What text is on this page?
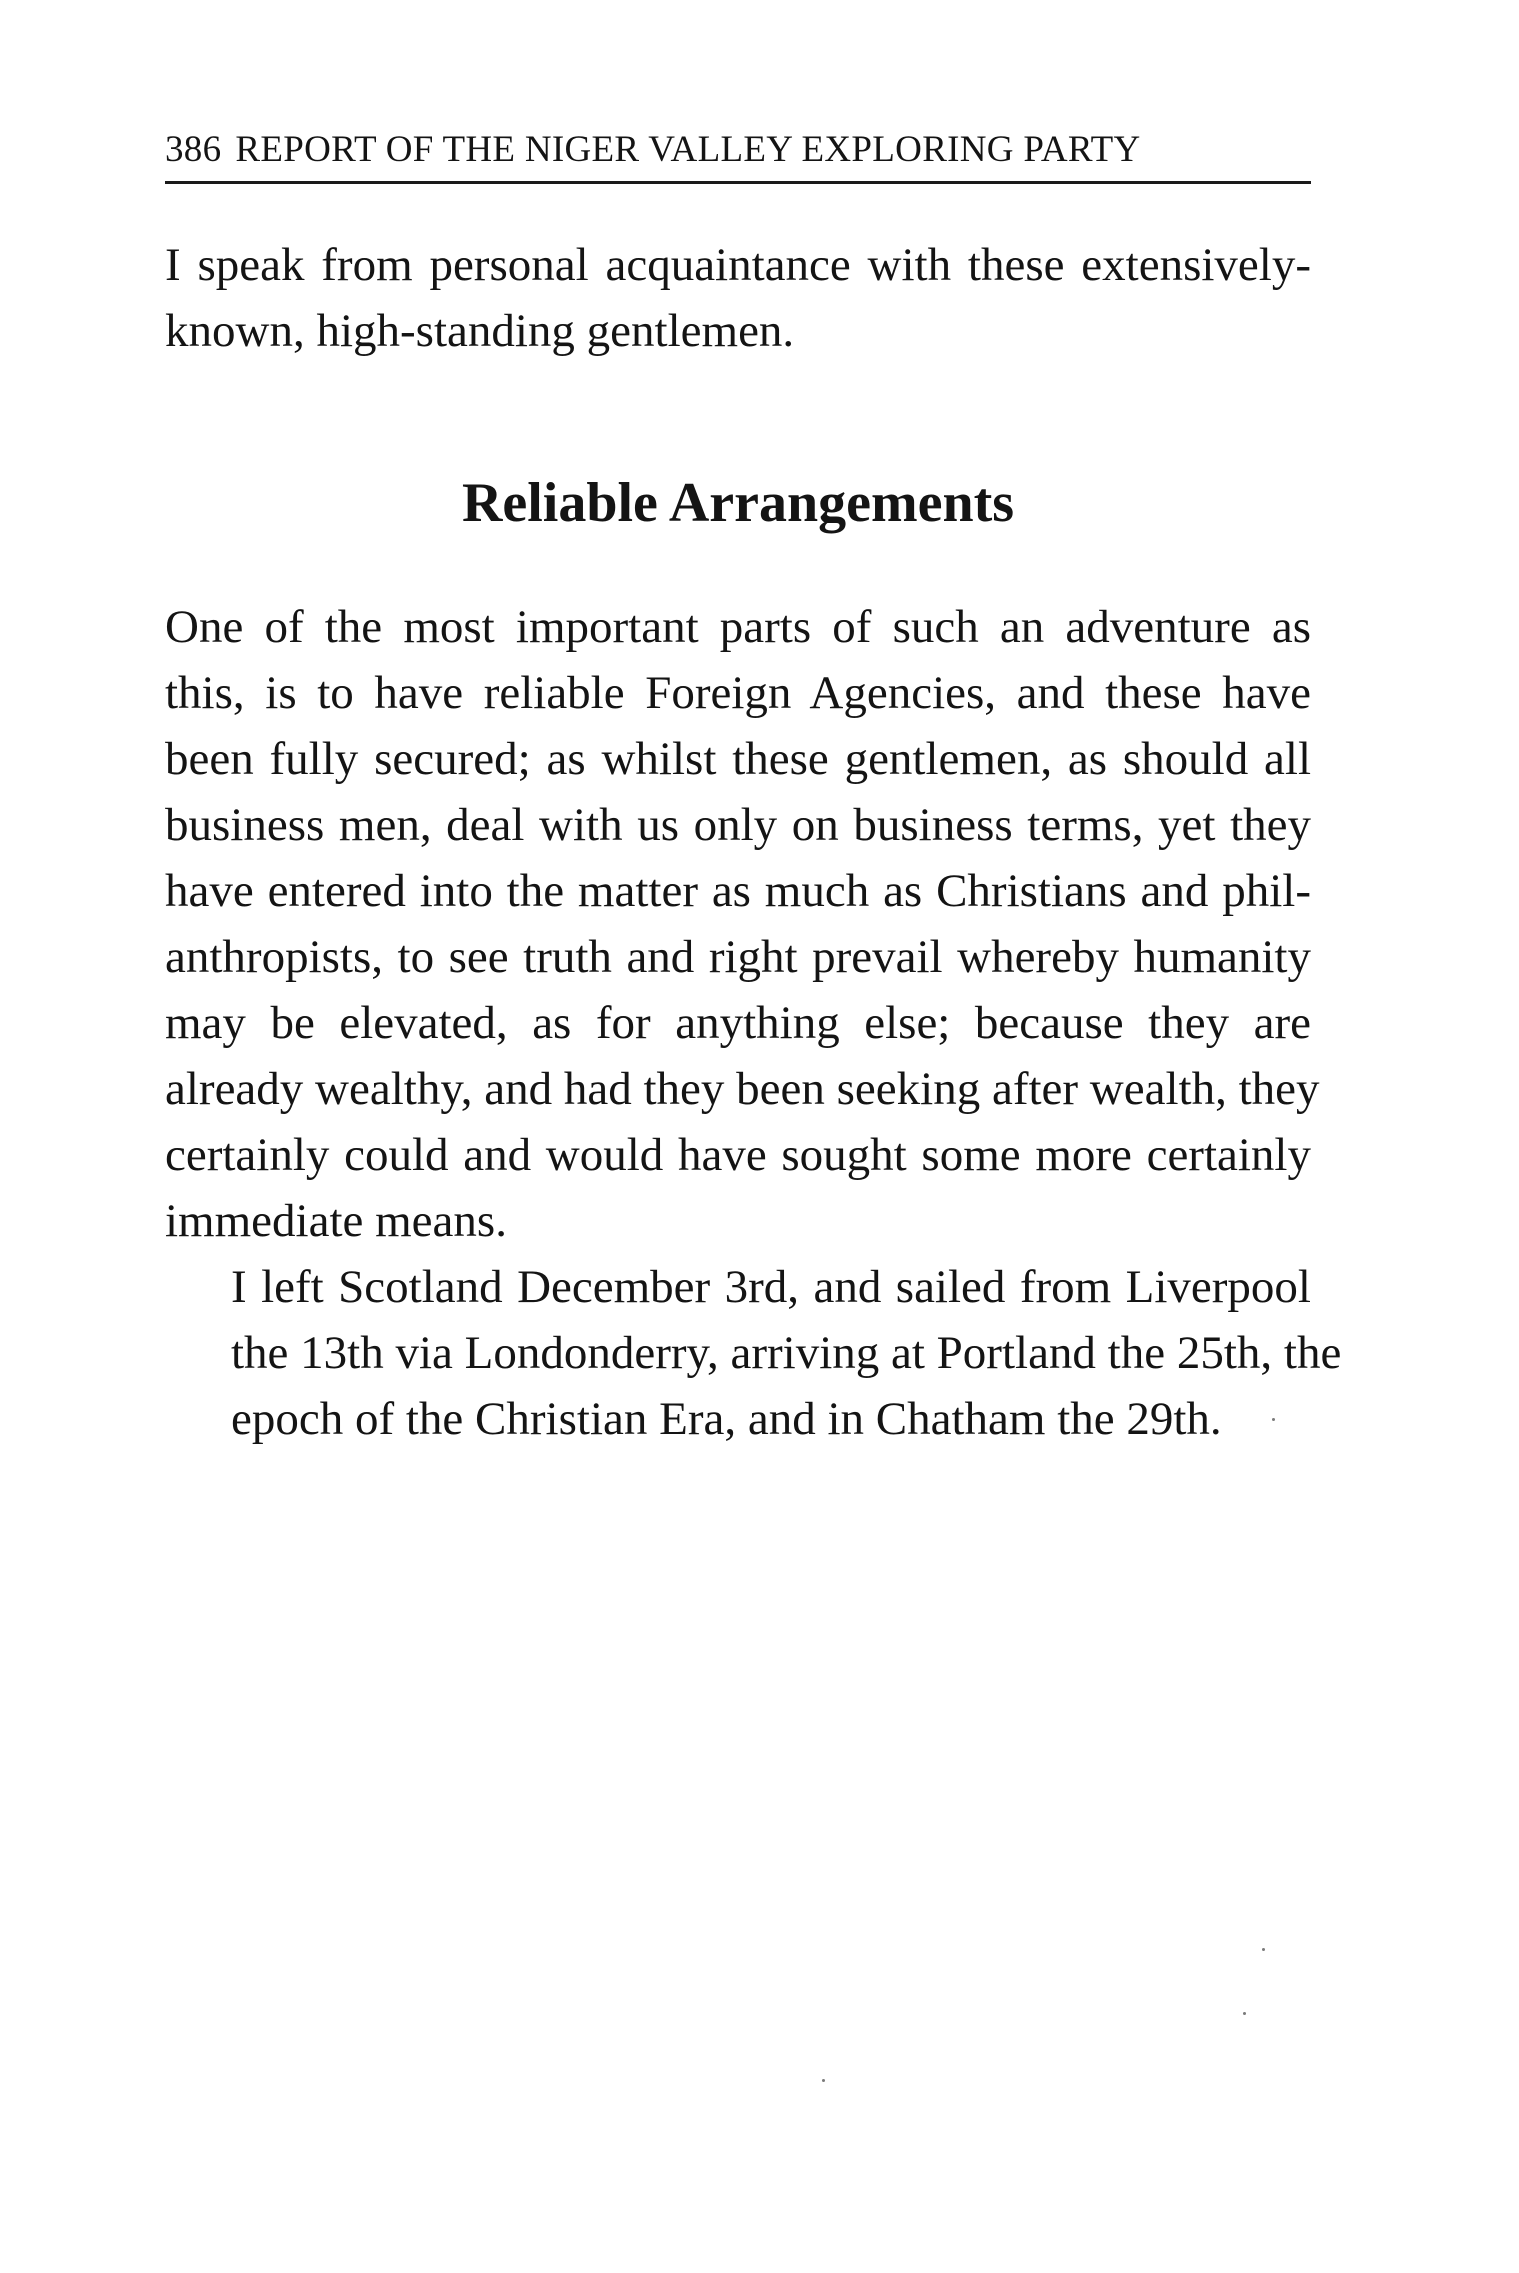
386 REPORT OF THE NIGER VALLEY EXPLORING PARTY

I speak from personal acquaintance with these extensively-
known, high-standing gentlemen.

Reliable Arrangements

One of the most important parts of such an adventure as
this, is to have reliable Foreign Agencies, and these have
been fully secured; as whilst these gentlemen, as should all
business men, deal with us only on business terms, yet they
have entered into the matter as much as Christians and phil-
anthropists, to see truth and right prevail whereby humanity
may be elevated, as for anything else; because they are
already wealthy, and had they been seeking after wealth, they
certainly could and would have sought some more certainly
immediate means.

I left Scotland December 3rd, and sailed from Liverpool
the 13th via Londonderry, arriving at Portland the 25th, the
epoch of the Christian Era, and in Chatham the 29th.
